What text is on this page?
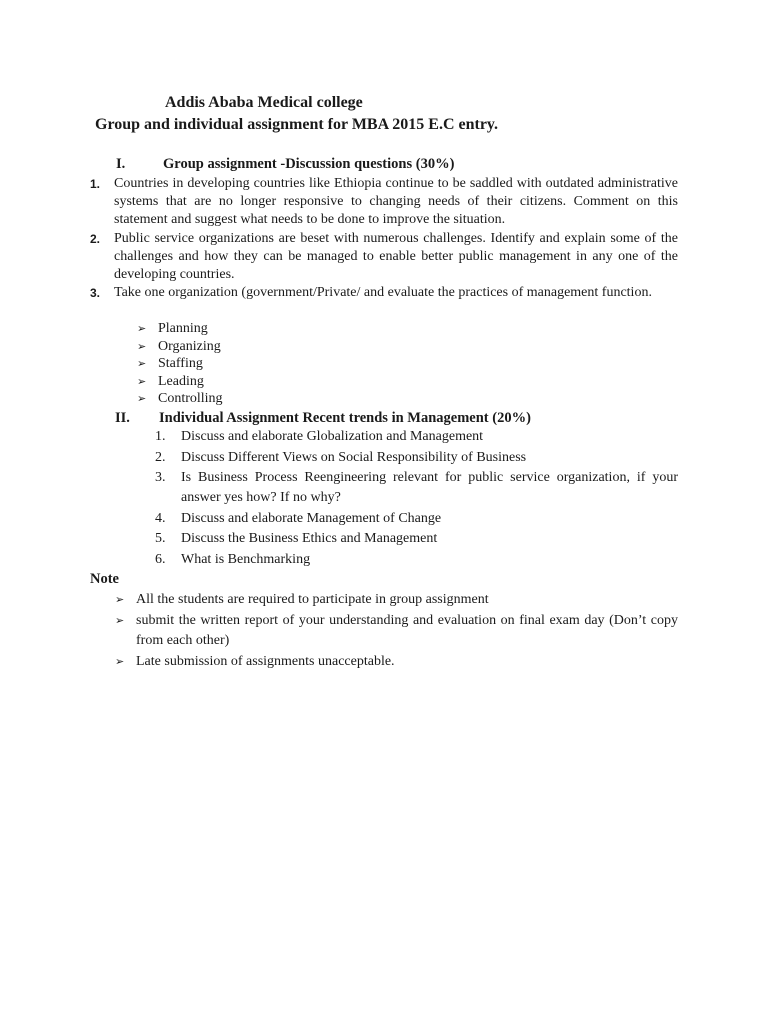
Addis Ababa Medical college
Group and individual assignment for MBA 2015 E.C entry.
I.	Group assignment -Discussion questions (30%)
1. Countries in developing countries like Ethiopia continue to be saddled with outdated administrative systems that are no longer responsive to changing needs of their citizens. Comment on this statement and suggest what needs to be done to improve the situation.
2. Public service organizations are beset with numerous challenges. Identify and explain some of the challenges and how they can be managed to enable better public management in any one of the developing countries.
3. Take one organization (government/Private/ and evaluate the practices of management function.
➢ Planning
➢ Organizing
➢ Staffing
➢ Leading
➢ Controlling
II. Individual Assignment Recent trends in Management (20%)
1. Discuss and elaborate Globalization and Management
2. Discuss Different Views on Social Responsibility of Business
3. Is Business Process Reengineering relevant for public service organization, if your answer yes how? If no why?
4. Discuss and elaborate Management of Change
5. Discuss the Business Ethics and Management
6. What is Benchmarking
Note
➢ All the students are required to participate in group assignment
➢ submit the written report of your understanding and evaluation on final exam day (Don’t copy from each other)
➢ Late submission of assignments unacceptable.
